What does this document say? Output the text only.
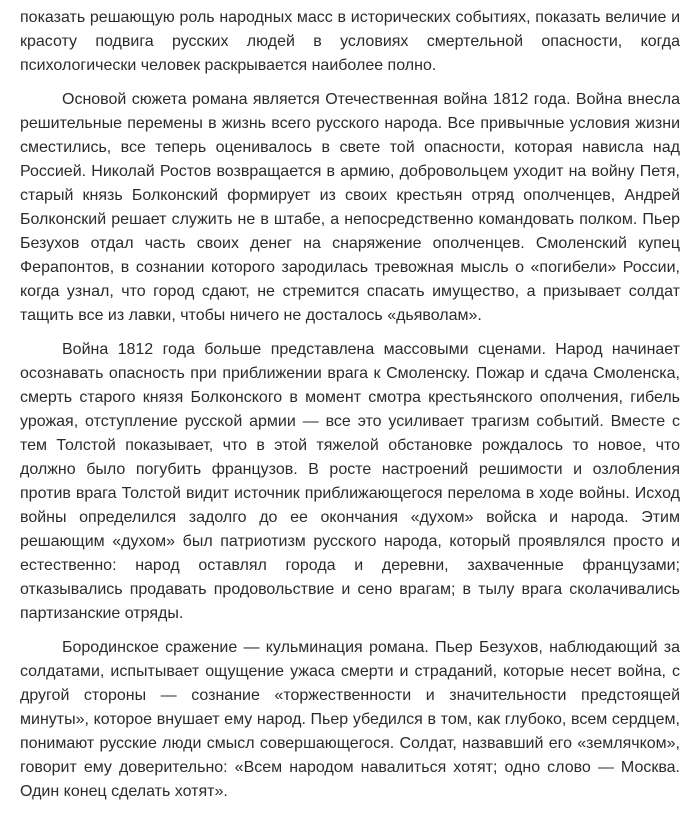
показать решающую роль народных масс в исторических событиях, показать величие и красоту подвига русских людей в условиях смертельной опасности, когда психологически человек раскрывается наиболее полно.

Основой сюжета романа является Отечественная война 1812 года. Война внесла решительные перемены в жизнь всего русского народа. Все привычные условия жизни сместились, все теперь оценивалось в свете той опасности, которая нависла над Россией. Николай Ростов возвращается в армию, добровольцем уходит на войну Петя, старый князь Болконский формирует из своих крестьян отряд ополченцев, Андрей Болконский решает служить не в штабе, а непосредственно командовать полком. Пьер Безухов отдал часть своих денег на снаряжение ополченцев. Смоленский купец Ферапонтов, в сознании которого зародилась тревожная мысль о «погибели» России, когда узнал, что город сдают, не стремится спасать имущество, а призывает солдат тащить все из лавки, чтобы ничего не досталось «дьяволам».

Война 1812 года больше представлена массовыми сценами. Народ начинает осознавать опасность при приближении врага к Смоленску. Пожар и сдача Смоленска, смерть старого князя Болконского в момент смотра крестьянского ополчения, гибель урожая, отступление русской армии — все это усиливает трагизм событий. Вместе с тем Толстой показывает, что в этой тяжелой обстановке рождалось то новое, что должно было погубить французов. В росте настроений решимости и озлобления против врага Толстой видит источник приближающегося перелома в ходе войны. Исход войны определился задолго до ее окончания «духом» войска и народа. Этим решающим «духом» был патриотизм русского народа, который проявлялся просто и естественно: народ оставлял города и деревни, захваченные французами; отказывались продавать продовольствие и сено врагам; в тылу врага сколачивались партизанские отряды.

Бородинское сражение — кульминация романа. Пьер Безухов, наблюдающий за солдатами, испытывает ощущение ужаса смерти и страданий, которые несет война, с другой стороны — сознание «торжественности и значительности предстоящей минуты», которое внушает ему народ. Пьер убедился в том, как глубоко, всем сердцем, понимают русские люди смысл совершающегося. Солдат, назвавший его «землячком», говорит ему доверительно: «Всем народом навалиться хотят; одно слово — Москва. Один конец сделать хотят».
